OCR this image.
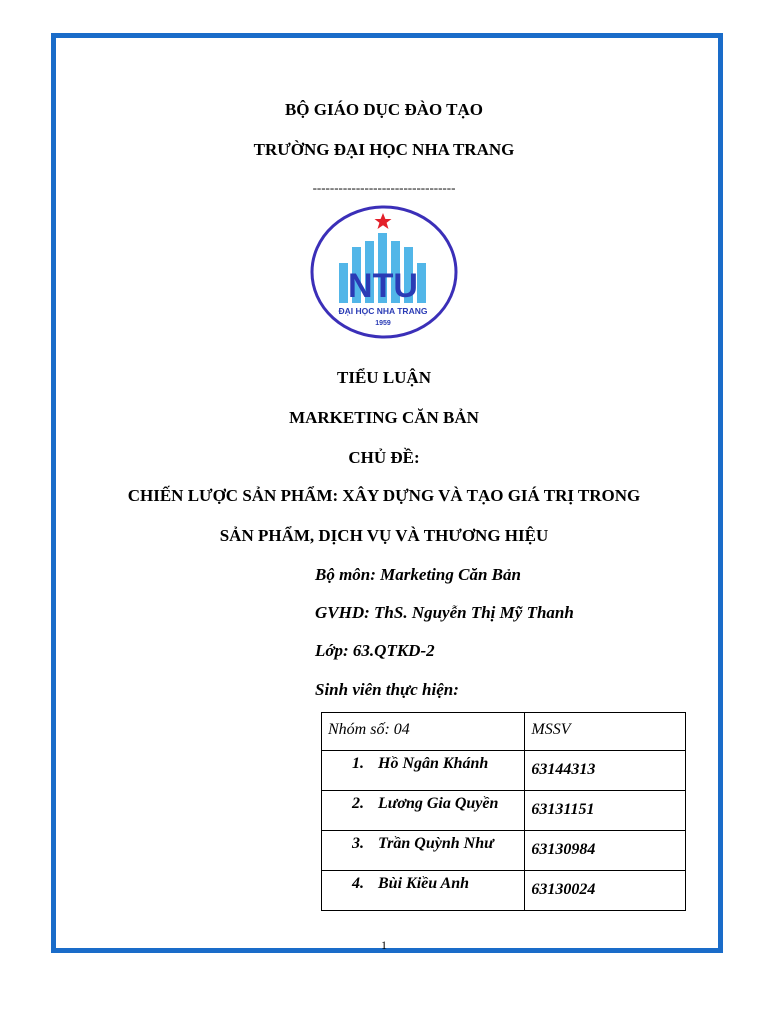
BỘ GIÁO DỤC ĐÀO TẠO
TRƯỜNG ĐẠI HỌC NHA TRANG
---------------------------------
NTU
ĐẠI HỌC NHA TRANG
1959
TIỂU LUẬN
MARKETING CĂN BẢN
CHỦ ĐỀ:
CHIẾN LƯỢC SẢN PHẨM: XÂY DỰNG VÀ TẠO GIÁ TRỊ TRONG
SẢN PHẨM, DỊCH VỤ VÀ THƯƠNG HIỆU
Bộ môn: Marketing Căn Bản
GVHD: ThS. Nguyễn Thị Mỹ Thanh
Lớp: 63.QTKD-2
Sinh viên thực hiện:
Nhóm số: 04	MSSV
1. Hồ Ngân Khánh	63144313
2. Lương Gia Quyền	63131151
3. Trần Quỳnh Như	63130984
4. Bùi Kiều Anh	63130024
1
